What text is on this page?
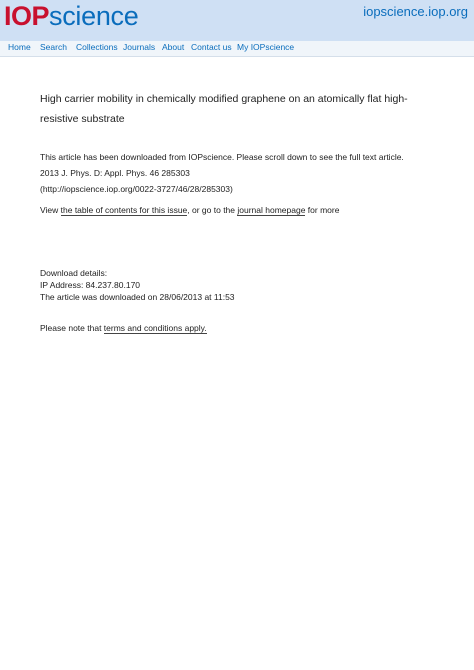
IOP science	iopscience.iop.org
Home Search Collections Journals About Contact us My IOPscience
High carrier mobility in chemically modified graphene on an atomically flat high-resistive substrate
This article has been downloaded from IOPscience. Please scroll down to see the full text article.
2013 J. Phys. D: Appl. Phys. 46 285303
(http://iopscience.iop.org/0022-3727/46/28/285303)
View the table of contents for this issue, or go to the journal homepage for more
Download details:
IP Address: 84.237.80.170
The article was downloaded on 28/06/2013 at 11:53
Please note that terms and conditions apply.
